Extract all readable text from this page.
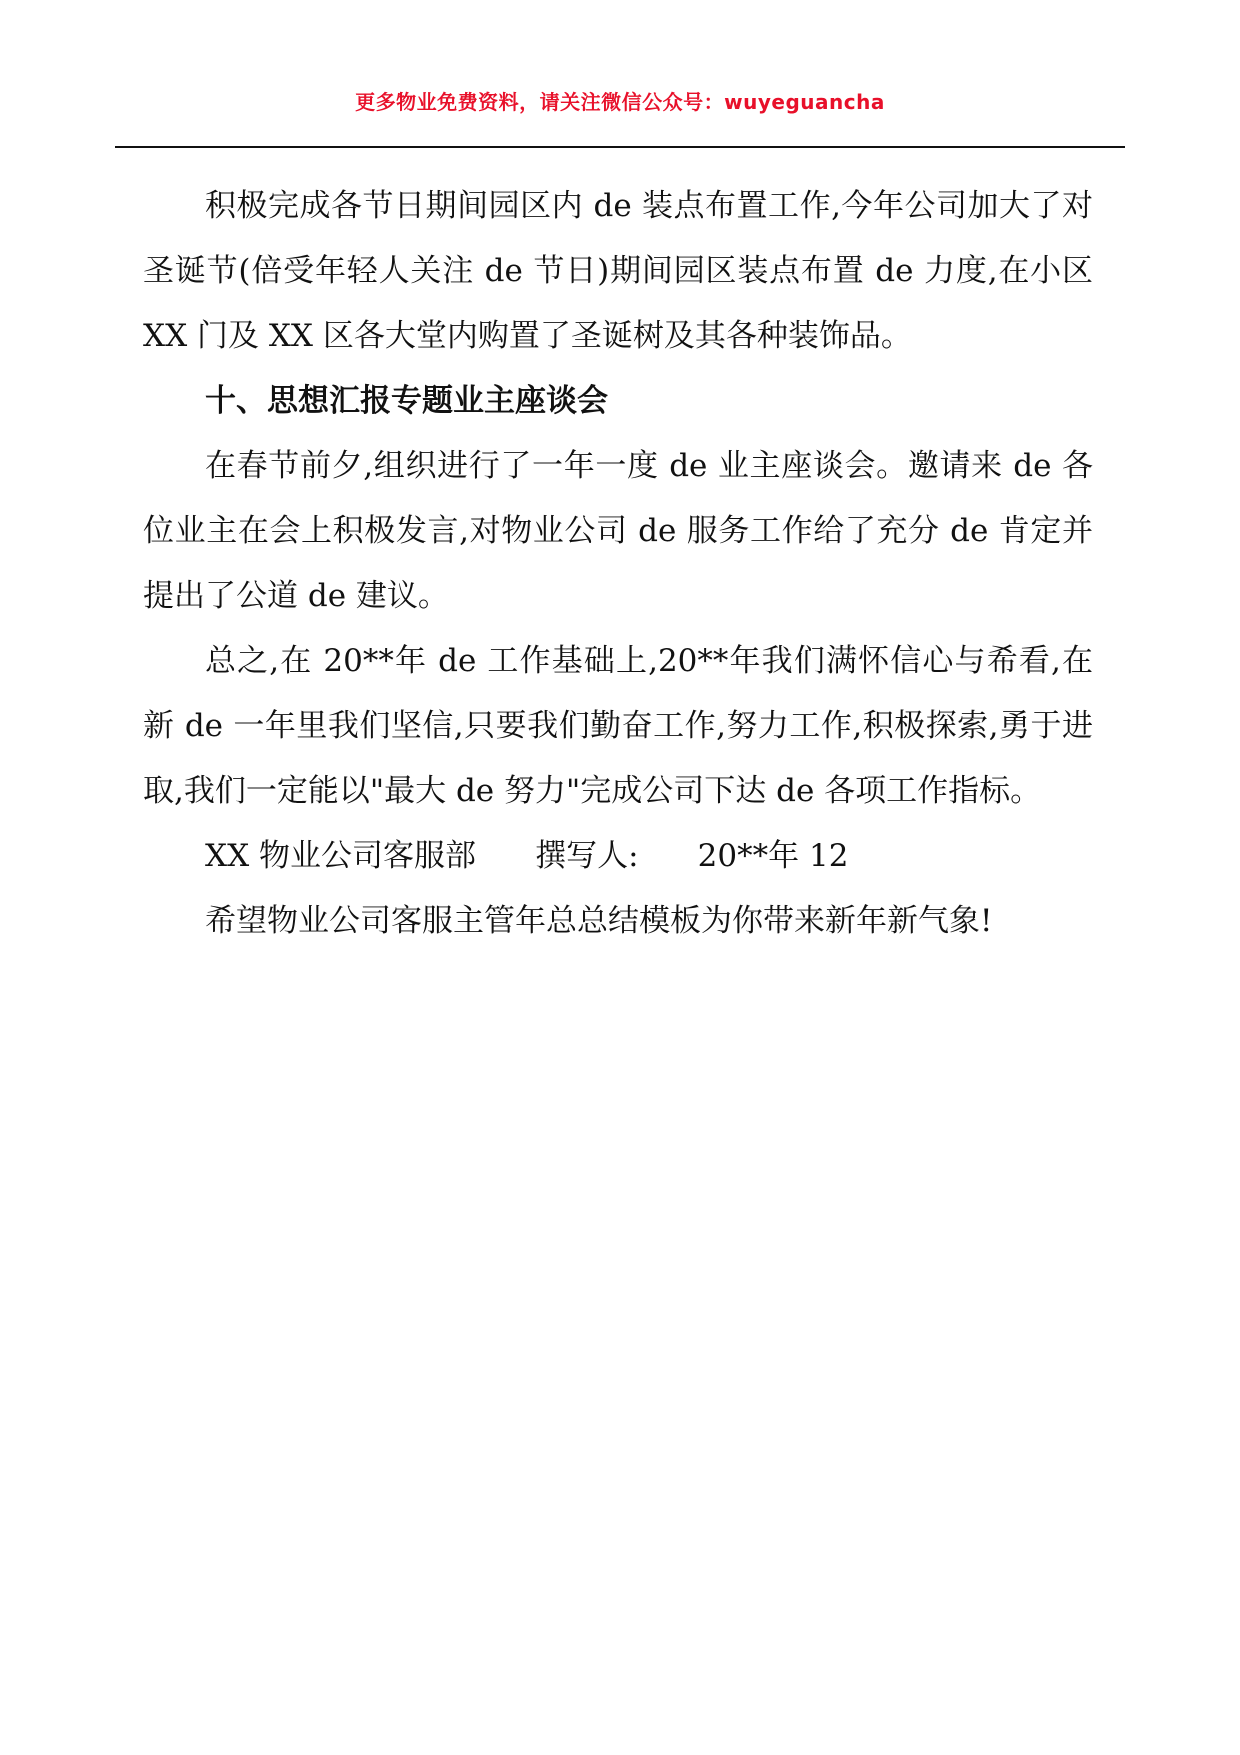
更多物业免费资料，请关注微信公众号：wuyeguancha

积极完成各节日期间园区内 de 装点布置工作,今年公司加大了对圣诞节(倍受年轻人关注 de 节日)期间园区装点布置 de 力度,在小区 XX 门及 XX 区各大堂内购置了圣诞树及其各种装饰品。

十、思想汇报专题业主座谈会

在春节前夕,组织进行了一年一度 de 业主座谈会。邀请来 de 各位业主在会上积极发言,对物业公司 de 服务工作给了充分 de 肯定并提出了公道 de 建议。

总之,在 20**年 de 工作基础上,20**年我们满怀信心与希看,在新 de 一年里我们坚信,只要我们勤奋工作,努力工作,积极探索,勇于进取,我们一定能以"最大 de 努力"完成公司下达 de 各项工作指标。

XX 物业公司客服部      撰写人:      20**年 12

希望物业公司客服主管年总总结模板为你带来新年新气象!
